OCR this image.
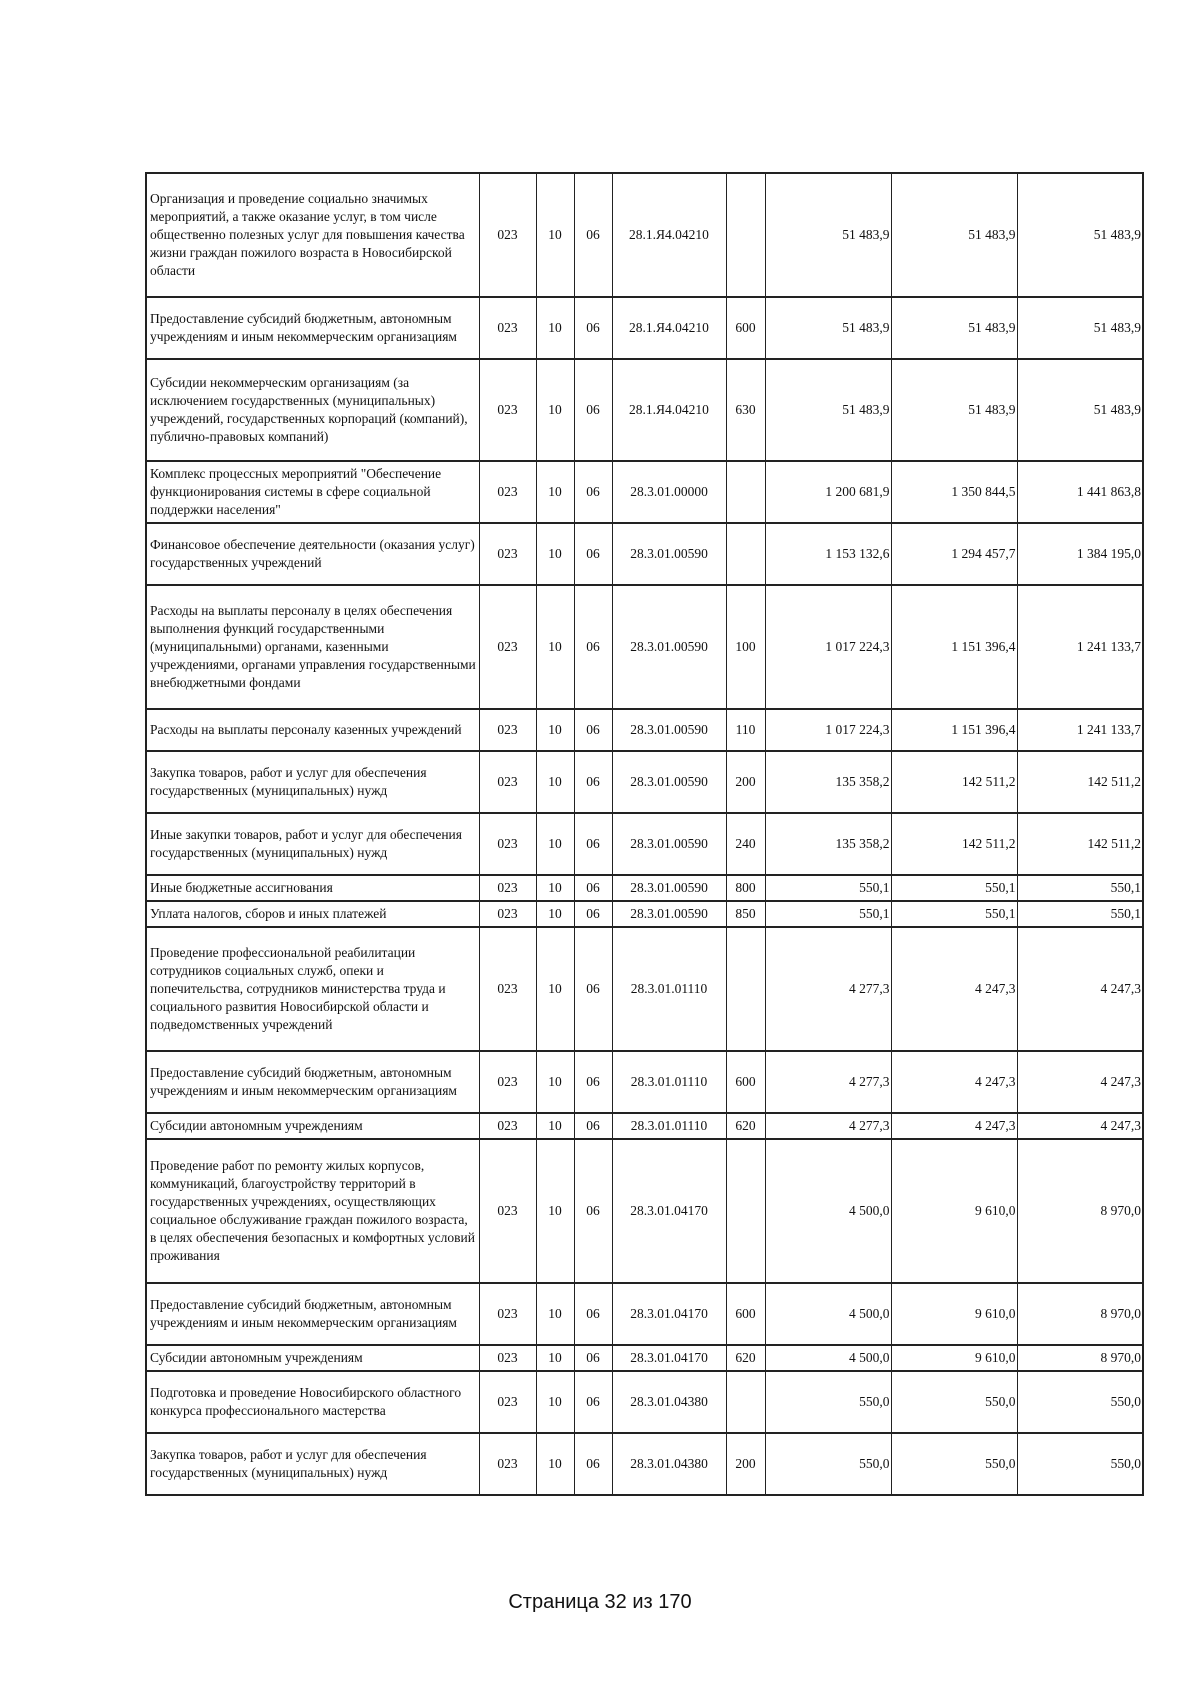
Организация и проведение социально значимых мероприятий, а также оказание услуг, в том числе общественно полезных услуг для повышения качества жизни граждан пожилого возраста в Новосибирской области	023	10	06	28.1.Я4.04210		51 483,9	51 483,9	51 483,9
Предоставление субсидий бюджетным, автономным учреждениям и иным некоммерческим организациям	023	10	06	28.1.Я4.04210	600	51 483,9	51 483,9	51 483,9
Субсидии некоммерческим организациям (за исключением государственных (муниципальных) учреждений, государственных корпораций (компаний), публично-правовых компаний)	023	10	06	28.1.Я4.04210	630	51 483,9	51 483,9	51 483,9
Комплекс процессных мероприятий "Обеспечение функционирования системы в сфере социальной поддержки населения"	023	10	06	28.3.01.00000		1 200 681,9	1 350 844,5	1 441 863,8
Финансовое обеспечение деятельности (оказания услуг) государственных учреждений	023	10	06	28.3.01.00590		1 153 132,6	1 294 457,7	1 384 195,0
Расходы на выплаты персоналу в целях обеспечения выполнения функций государственными (муниципальными) органами, казенными учреждениями, органами управления государственными внебюджетными фондами	023	10	06	28.3.01.00590	100	1 017 224,3	1 151 396,4	1 241 133,7
Расходы на выплаты персоналу казенных учреждений	023	10	06	28.3.01.00590	110	1 017 224,3	1 151 396,4	1 241 133,7
Закупка товаров, работ и услуг для обеспечения государственных (муниципальных) нужд	023	10	06	28.3.01.00590	200	135 358,2	142 511,2	142 511,2
Иные закупки товаров, работ и услуг для обеспечения государственных (муниципальных) нужд	023	10	06	28.3.01.00590	240	135 358,2	142 511,2	142 511,2
Иные бюджетные ассигнования	023	10	06	28.3.01.00590	800	550,1	550,1	550,1
Уплата налогов, сборов и иных платежей	023	10	06	28.3.01.00590	850	550,1	550,1	550,1
Проведение профессиональной реабилитации сотрудников социальных служб, опеки и попечительства, сотрудников министерства труда и социального развития Новосибирской области и подведомственных учреждений	023	10	06	28.3.01.01110		4 277,3	4 247,3	4 247,3
Предоставление субсидий бюджетным, автономным учреждениям и иным некоммерческим организациям	023	10	06	28.3.01.01110	600	4 277,3	4 247,3	4 247,3
Субсидии автономным учреждениям	023	10	06	28.3.01.01110	620	4 277,3	4 247,3	4 247,3
Проведение работ по ремонту жилых корпусов, коммуникаций, благоустройству территорий в государственных учреждениях, осуществляющих социальное обслуживание граждан пожилого возраста, в целях обеспечения безопасных и комфортных условий проживания	023	10	06	28.3.01.04170		4 500,0	9 610,0	8 970,0
Предоставление субсидий бюджетным, автономным учреждениям и иным некоммерческим организациям	023	10	06	28.3.01.04170	600	4 500,0	9 610,0	8 970,0
Субсидии автономным учреждениям	023	10	06	28.3.01.04170	620	4 500,0	9 610,0	8 970,0
Подготовка и проведение Новосибирского областного конкурса профессионального мастерства	023	10	06	28.3.01.04380		550,0	550,0	550,0
Закупка товаров, работ и услуг для обеспечения государственных (муниципальных) нужд	023	10	06	28.3.01.04380	200	550,0	550,0	550,0
Страница 32 из 170
